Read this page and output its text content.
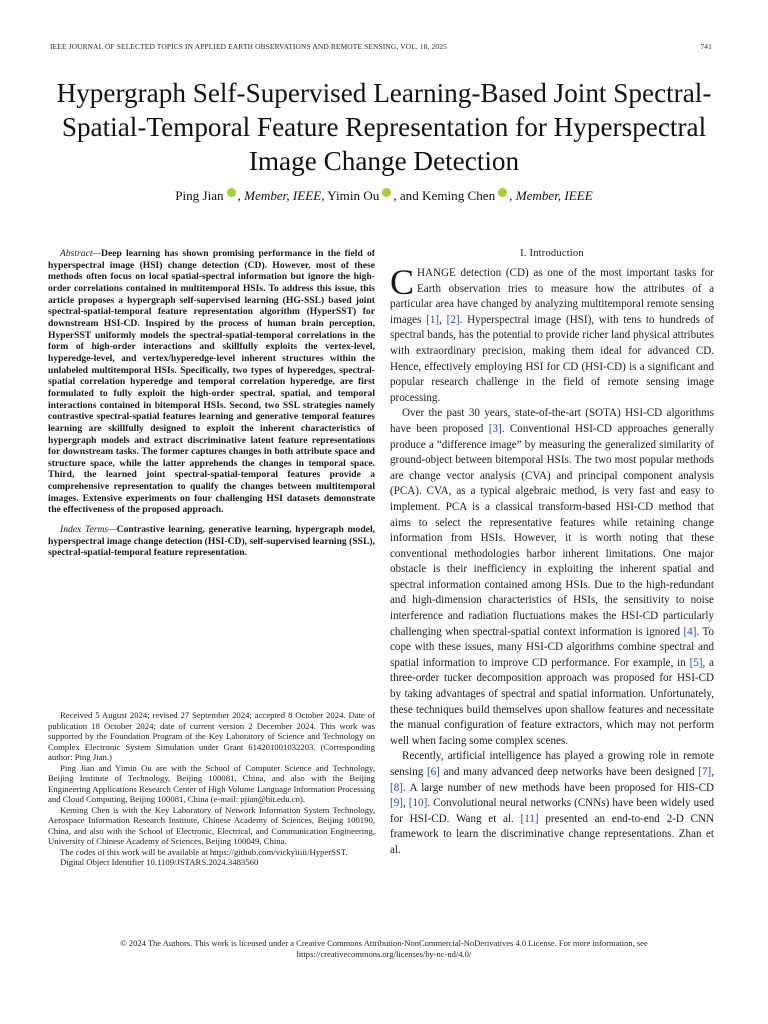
IEEE JOURNAL OF SELECTED TOPICS IN APPLIED EARTH OBSERVATIONS AND REMOTE SENSING, VOL. 18, 2025	741
Hypergraph Self-Supervised Learning-Based Joint Spectral-Spatial-Temporal Feature Representation for Hyperspectral Image Change Detection
Ping Jian , Member, IEEE, Yimin Ou , and Keming Chen , Member, IEEE

Abstract—Deep learning has shown promising performance in the field of hyperspectral image (HSI) change detection (CD). However, most of these methods often focus on local spatial-spectral information but ignore the high-order correlations contained in multitemporal HSIs. To address this issue, this article proposes a hypergraph self-supervised learning (HG-SSL) based joint spectral-spatial-temporal feature representation algorithm (HyperSST) for downstream HSI-CD. Inspired by the process of human brain perception, HyperSST uniformly models the spectral-spatial-temporal correlations in the form of high-order interactions and skillfully exploits the vertex-level, hyperedge-level, and vertex/hyperedge-level inherent structures within the unlabeled multitemporal HSIs. Specifically, two types of hyperedges, spectral-spatial correlation hyperedge and temporal correlation hyperedge, are first formulated to fully exploit the high-order spectral, spatial, and temporal interactions contained in bitemporal HSIs. Second, two SSL strategies namely contrastive spectral-spatial features learning and generative temporal features learning are skillfully designed to exploit the inherent characteristics of hypergraph models and extract discriminative latent feature representations for downstream tasks. The former captures changes in both attribute space and structure space, while the latter apprehends the changes in temporal space. Third, the learned joint spectral-spatial-temporal features provide a comprehensive representation to qualify the changes between multitemporal images. Extensive experiments on four challenging HSI datasets demonstrate the effectiveness of the proposed approach.

Index Terms—Contrastive learning, generative learning, hypergraph model, hyperspectral image change detection (HSI-CD), self-supervised learning (SSL), spectral-spatial-temporal feature representation.

Received 5 August 2024; revised 27 September 2024; accepted 8 October 2024. Date of publication 18 October 2024; date of current version 2 December 2024. This work was supported by the Foundation Program of the Key Laboratory of Science and Technology on Complex Electronic System Simulation under Grant 614201001032203. (Corresponding author: Ping Jian.)

Ping Jian and Yimin Ou are with the School of Computer Science and Technology, Beijing Institute of Technology, Beijing 100081, China, and also with the Beijing Engineering Applications Research Center of High Volume Language Information Processing and Cloud Computing, Beijing 100081, China (e-mail: pjian@bit.edu.cn).

Keming Chen is with the Key Laboratory of Network Information System Technology, Aerospace Information Research Institute, Chinese Academy of Sciences, Beijing 100190, China, and also with the School of Electronic, Electrical, and Communication Engineering, University of Chinese Academy of Sciences, Beijing 100049, China.

The codes of this work will be available at https://github.com/vickyiiiii/HyperSST.

Digital Object Identifier 10.1109/JSTARS.2024.3483560

I. Introduction

CHANGE detection (CD) as one of the most important tasks for Earth observation tries to measure how the attributes of a particular area have changed by analyzing multitemporal remote sensing images [1], [2]. Hyperspectral image (HSI), with tens to hundreds of spectral bands, has the potential to provide richer land physical attributes with extraordinary precision, making them ideal for advanced CD. Hence, effectively employing HSI for CD (HSI-CD) is a significant and popular research challenge in the field of remote sensing image processing.

Over the past 30 years, state-of-the-art (SOTA) HSI-CD algorithms have been proposed [3]. Conventional HSI-CD approaches generally produce a “difference image” by measuring the generalized similarity of ground-object between bitemporal HSIs. The two most popular methods are change vector analysis (CVA) and principal component analysis (PCA). CVA, as a typical algebraic method, is very fast and easy to implement. PCA is a classical transform-based HSI-CD method that aims to select the representative features while retaining change information from HSIs. However, it is worth noting that these conventional methodologies harbor inherent limitations. One major obstacle is their inefficiency in exploiting the inherent spatial and spectral information contained among HSIs. Due to the high-redundant and high-dimension characteristics of HSIs, the sensitivity to noise interference and radiation fluctuations makes the HSI-CD particularly challenging when spectral-spatial context information is ignored [4]. To cope with these issues, many HSI-CD algorithms combine spectral and spatial information to improve CD performance. For example, in [5], a three-order tucker decomposition approach was proposed for HSI-CD by taking advantages of spectral and spatial information. Unfortunately, these techniques build themselves upon shallow features and necessitate the manual configuration of feature extractors, which may not perform well when facing some complex scenes.

Recently, artificial intelligence has played a growing role in remote sensing [6] and many advanced deep networks have been designed [7], [8]. A large number of new methods have been proposed for HIS-CD [9], [10]. Convolutional neural networks (CNNs) have been widely used for HSI-CD. Wang et al. [11] presented an end-to-end 2-D CNN framework to learn the discriminative change representations. Zhan et al.

© 2024 The Authors. This work is licensed under a Creative Commons Attribution-NonCommercial-NoDerivatives 4.0 License. For more information, see
https://creativecommons.org/licenses/by-nc-nd/4.0/
